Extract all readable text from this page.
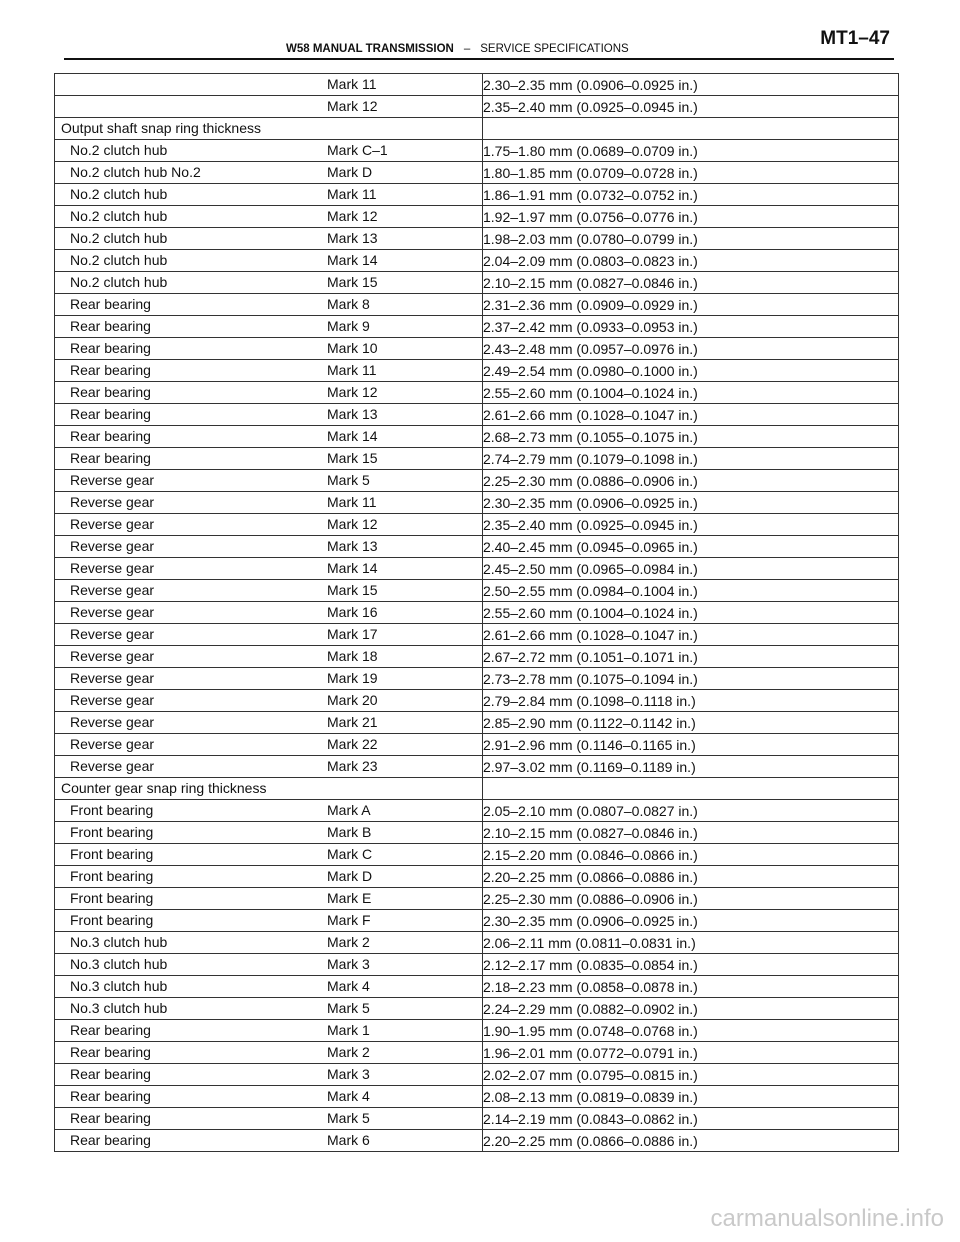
W58 MANUAL TRANSMISSION – SERVICE SPECIFICATIONS	MT1–47
Mark 11	2.30–2.35 mm (0.0906–0.0925 in.)

Mark 12	2.35–2.40 mm (0.0925–0.0945 in.)

Output shaft snap ring thickness	

No.2 clutch hub Mark C–1	1.75–1.80 mm (0.0689–0.0709 in.)

No.2 clutch hub No.2 Mark D	1.80–1.85 mm (0.0709–0.0728 in.)

No.2 clutch hub Mark 11	1.86–1.91 mm (0.0732–0.0752 in.)

No.2 clutch hub Mark 12	1.92–1.97 mm (0.0756–0.0776 in.)

No.2 clutch hub Mark 13	1.98–2.03 mm (0.0780–0.0799 in.)

No.2 clutch hub Mark 14	2.04–2.09 mm (0.0803–0.0823 in.)

No.2 clutch hub Mark 15	2.10–2.15 mm (0.0827–0.0846 in.)

Rear bearing Mark 8	2.31–2.36 mm (0.0909–0.0929 in.)

Rear bearing Mark 9	2.37–2.42 mm (0.0933–0.0953 in.)

Rear bearing Mark 10	2.43–2.48 mm (0.0957–0.0976 in.)

Rear bearing Mark 11	2.49–2.54 mm (0.0980–0.1000 in.)

Rear bearing Mark 12	2.55–2.60 mm (0.1004–0.1024 in.)

Rear bearing Mark 13	2.61–2.66 mm (0.1028–0.1047 in.)

Rear bearing Mark 14	2.68–2.73 mm (0.1055–0.1075 in.)

Rear bearing Mark 15	2.74–2.79 mm (0.1079–0.1098 in.)

Reverse gear Mark 5	2.25–2.30 mm (0.0886–0.0906 in.)

Reverse gear Mark 11	2.30–2.35 mm (0.0906–0.0925 in.)

Reverse gear Mark 12	2.35–2.40 mm (0.0925–0.0945 in.)

Reverse gear Mark 13	2.40–2.45 mm (0.0945–0.0965 in.)

Reverse gear Mark 14	2.45–2.50 mm (0.0965–0.0984 in.)

Reverse gear Mark 15	2.50–2.55 mm (0.0984–0.1004 in.)

Reverse gear Mark 16	2.55–2.60 mm (0.1004–0.1024 in.)

Reverse gear Mark 17	2.61–2.66 mm (0.1028–0.1047 in.)

Reverse gear Mark 18	2.67–2.72 mm (0.1051–0.1071 in.)

Reverse gear Mark 19	2.73–2.78 mm (0.1075–0.1094 in.)

Reverse gear Mark 20	2.79–2.84 mm (0.1098–0.1118 in.)

Reverse gear Mark 21	2.85–2.90 mm (0.1122–0.1142 in.)

Reverse gear Mark 22	2.91–2.96 mm (0.1146–0.1165 in.)

Reverse gear Mark 23	2.97–3.02 mm (0.1169–0.1189 in.)

Counter gear snap ring thickness	

Front bearing Mark A	2.05–2.10 mm (0.0807–0.0827 in.)

Front bearing Mark B	2.10–2.15 mm (0.0827–0.0846 in.)

Front bearing Mark C	2.15–2.20 mm (0.0846–0.0866 in.)

Front bearing Mark D	2.20–2.25 mm (0.0866–0.0886 in.)

Front bearing Mark E	2.25–2.30 mm (0.0886–0.0906 in.)

Front bearing Mark F	2.30–2.35 mm (0.0906–0.0925 in.)

No.3 clutch hub Mark 2	2.06–2.11 mm (0.0811–0.0831 in.)

No.3 clutch hub Mark 3	2.12–2.17 mm (0.0835–0.0854 in.)

No.3 clutch hub Mark 4	2.18–2.23 mm (0.0858–0.0878 in.)

No.3 clutch hub Mark 5	2.24–2.29 mm (0.0882–0.0902 in.)

Rear bearing Mark 1	1.90–1.95 mm (0.0748–0.0768 in.)

Rear bearing Mark 2	1.96–2.01 mm (0.0772–0.0791 in.)

Rear bearing Mark 3	2.02–2.07 mm (0.0795–0.0815 in.)

Rear bearing Mark 4	2.08–2.13 mm (0.0819–0.0839 in.)

Rear bearing Mark 5	2.14–2.19 mm (0.0843–0.0862 in.)

Rear bearing Mark 6	2.20–2.25 mm (0.0866–0.0886 in.)
carmanualsonline.info
